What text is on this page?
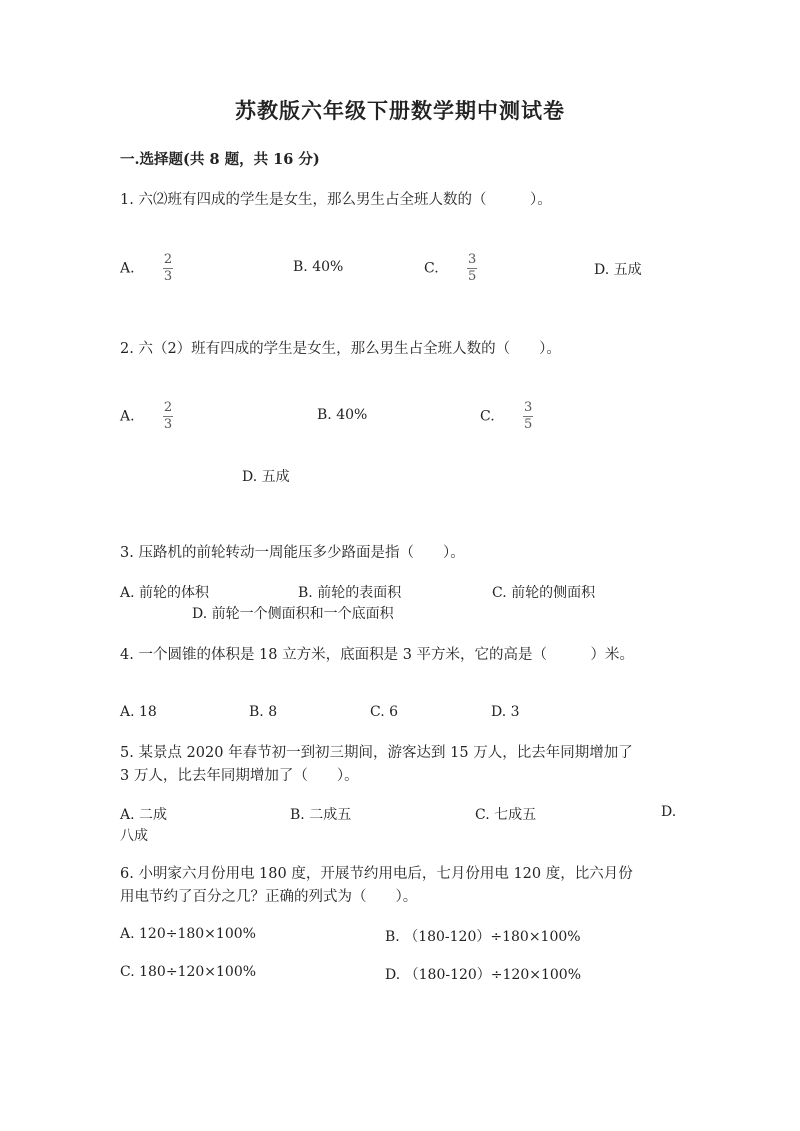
苏教版六年级下册数学期中测试卷
一.选择题(共 8 题，共 16 分)
1. 六⑵班有四成的学生是女生，那么男生占全班人数的（　　　）。
A. $\frac{2}{3}$	B. 40%	C. $\frac{3}{5}$	D. 五成
2. 六（2）班有四成的学生是女生，那么男生占全班人数的（　　）。
A. $\frac{2}{3}$	B. 40%	C. $\frac{3}{5}$
D. 五成
3. 压路机的前轮转动一周能压多少路面是指（　　）。
A. 前轮的体积	B. 前轮的表面积	C. 前轮的侧面积
D. 前轮一个侧面积和一个底面积
4. 一个圆锥的体积是 18 立方米，底面积是 3 平方米，它的高是（　　　）米。
A. 18	B. 8	C. 6	D. 3
5. 某景点 2020 年春节初一到初三期间，游客达到 15 万人，比去年同期增加了
3 万人，比去年同期增加了（　　）。
A. 二成	B. 二成五	C. 七成五	D.
八成
6. 小明家六月份用电 180 度，开展节约用电后，七月份用电 120 度，比六月份
用电节约了百分之几？正确的列式为（　　）。
A. 120÷180×100%	B. （180-120）÷180×100%
C. 180÷120×100%	D. （180-120）÷120×100%
